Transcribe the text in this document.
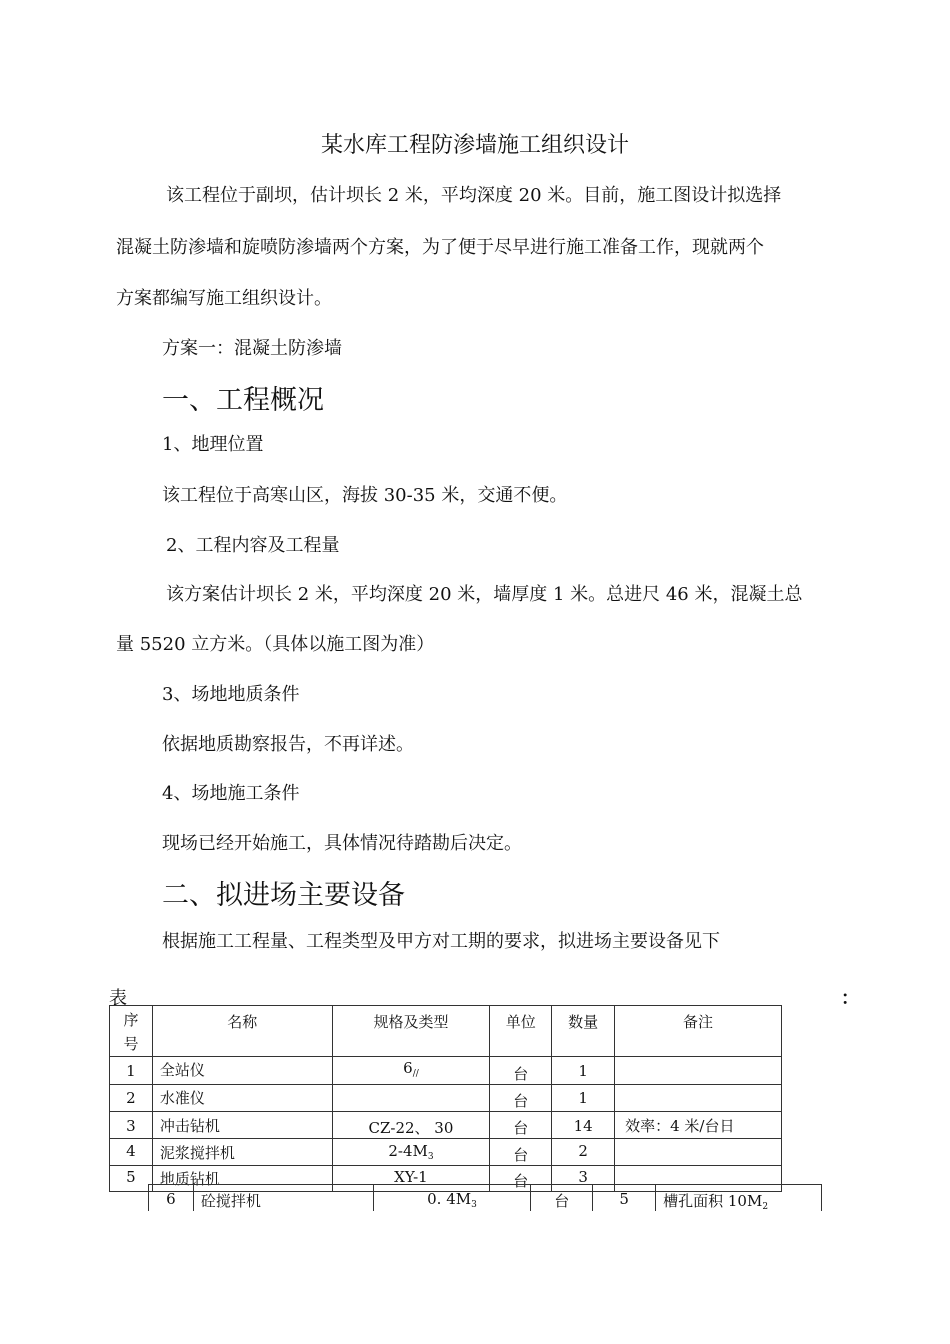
某水库工程防渗墙施工组织设计
该工程位于副坝，估计坝长 2 米，平均深度 20 米。目前，施工图设计拟选择
混凝土防渗墙和旋喷防渗墙两个方案，为了便于尽早进行施工准备工作，现就两个
方案都编写施工组织设计。
方案一：混凝土防渗墙
一、工程概况
1、地理位置
该工程位于高寒山区，海拔 30-35 米，交通不便。
2、工程内容及工程量
该方案估计坝长 2 米，平均深度 20 米，墙厚度 1 米。总进尺 46 米，混凝土总
量 5520 立方米。（具体以施工图为准）
3、场地地质条件
依据地质勘察报告，不再详述。
4、场地施工条件
现场已经开始施工，具体情况待踏勘后决定。
二、拟进场主要设备
根据施工工程量、工程类型及甲方对工期的要求，拟进场主要设备见下
表	：
序
号	名称	规格及类型	单位	数量	备注
1	全站仪	$6_{//}$	台	1	
2	水准仪		台	1	
3	冲击钻机	CZ-22、 30	台	14	效率：4 米/台日
4	泥浆搅拌机	$2-4M_3$	台	2	
5	地质钻机	XY-1	台	3	
6	砼搅拌机	0. $4M_3$	台	5	槽孔面积 $10M_2$
